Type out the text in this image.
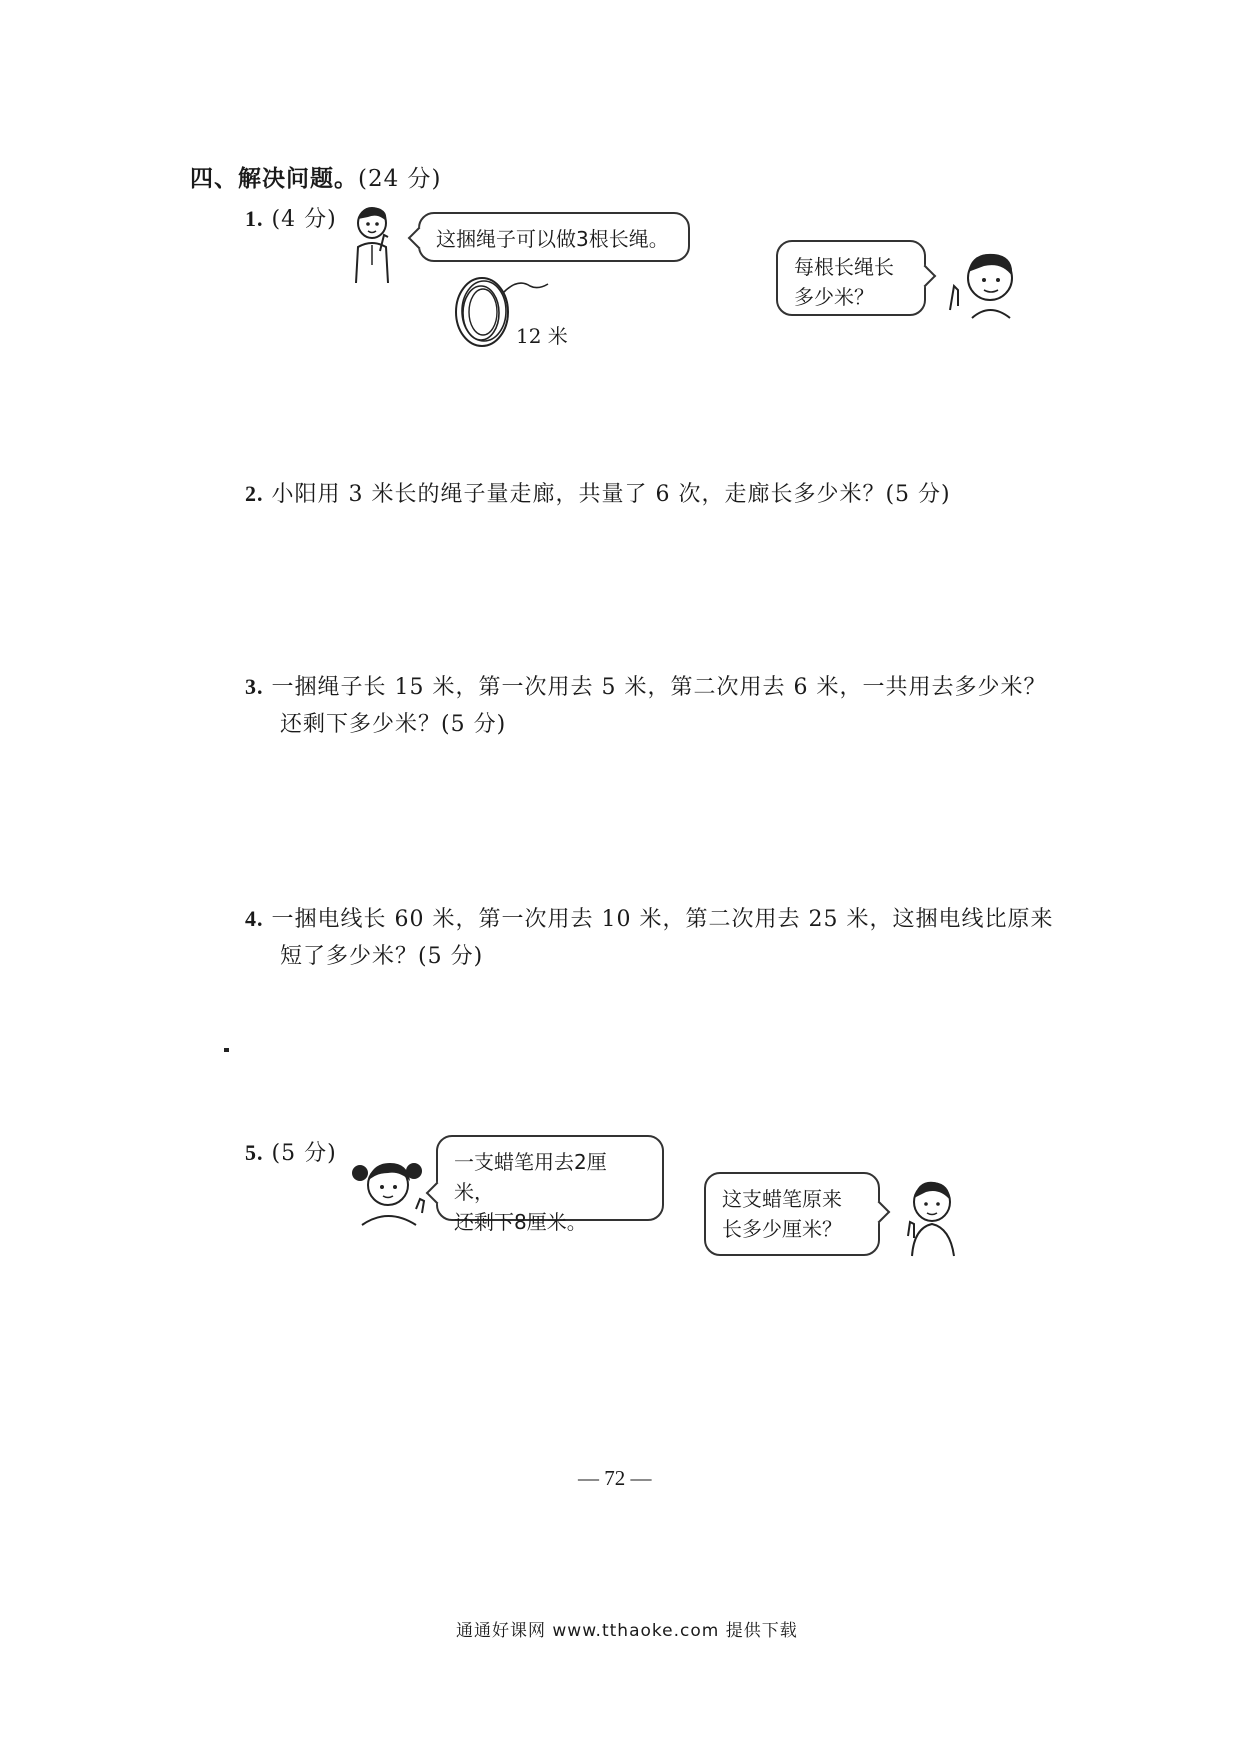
四、解决问题。(24 分)
1. (4 分)
这捆绳子可以做3根长绳。
12 米
每根长绳长
多少米？
2. 小阳用 3 米长的绳子量走廊，共量了 6 次，走廊长多少米？(5 分)
3. 一捆绳子长 15 米，第一次用去 5 米，第二次用去 6 米，一共用去多少米？
还剩下多少米？(5 分)
4. 一捆电线长 60 米，第一次用去 10 米，第二次用去 25 米，这捆电线比原来
短了多少米？(5 分)
5. (5 分)	一支蜡笔用去2厘米，
还剩下8厘米。
这支蜡笔原来
长多少厘米？
— 72 —
通通好课网 www.tthaoke.com 提供下载
